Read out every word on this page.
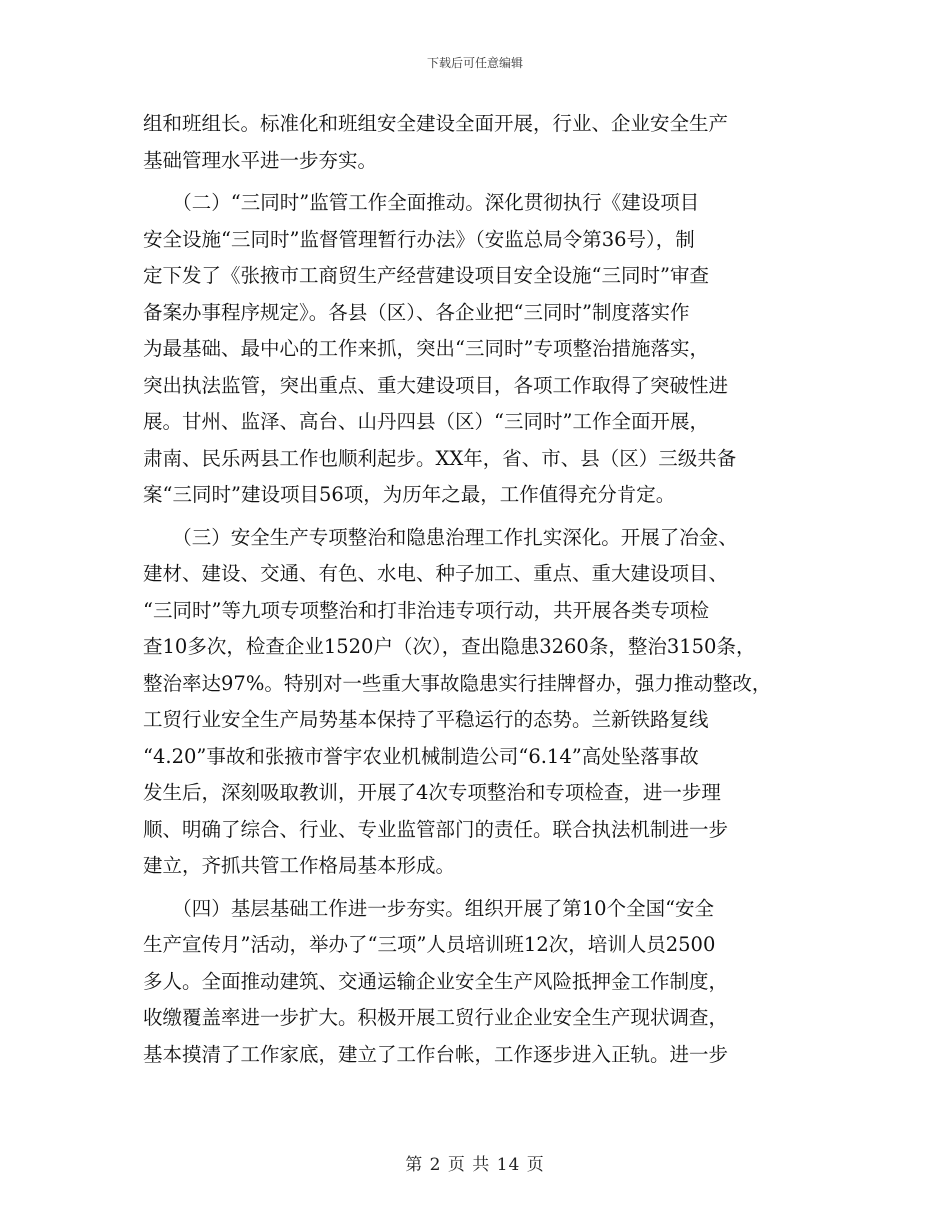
下载后可任意编辑
组和班组长。标准化和班组安全建设全面开展，行业、企业安全生产
基础管理水平进一步夯实。
　　（二）“三同时”监管工作全面推动。深化贯彻执行《建设项目
安全设施“三同时”监督管理暂行办法》（安监总局令第36号），制
定下发了《张掖市工商贸生产经营建设项目安全设施“三同时”审查
备案办事程序规定》。各县（区）、各企业把“三同时”制度落实作
为最基础、最中心的工作来抓，突出“三同时”专项整治措施落实，
突出执法监管，突出重点、重大建设项目，各项工作取得了突破性进
展。甘州、监泽、高台、山丹四县（区）“三同时”工作全面开展，
肃南、民乐两县工作也顺利起步。XX年，省、市、县（区）三级共备
案“三同时”建设项目56项，为历年之最，工作值得充分肯定。
　　（三）安全生产专项整治和隐患治理工作扎实深化。开展了冶金、
建材、建设、交通、有色、水电、种子加工、重点、重大建设项目、
“三同时”等九项专项整治和打非治违专项行动，共开展各类专项检
查10多次，检查企业1520户（次），查出隐患3260条，整治3150条，
整治率达97%。特别对一些重大事故隐患实行挂牌督办，强力推动整改，
工贸行业安全生产局势基本保持了平稳运行的态势。兰新铁路复线
“4.20”事故和张掖市誉宇农业机械制造公司“6.14”高处坠落事故
发生后，深刻吸取教训，开展了4次专项整治和专项检查，进一步理
顺、明确了综合、行业、专业监管部门的责任。联合执法机制进一步
建立，齐抓共管工作格局基本形成。
　　（四）基层基础工作进一步夯实。组织开展了第10个全国“安全
生产宣传月”活动，举办了“三项”人员培训班12次，培训人员2500
多人。全面推动建筑、交通运输企业安全生产风险抵押金工作制度，
收缴覆盖率进一步扩大。积极开展工贸行业企业安全生产现状调查，
基本摸清了工作家底，建立了工作台帐，工作逐步进入正轨。进一步
第 2 页 共 14 页
